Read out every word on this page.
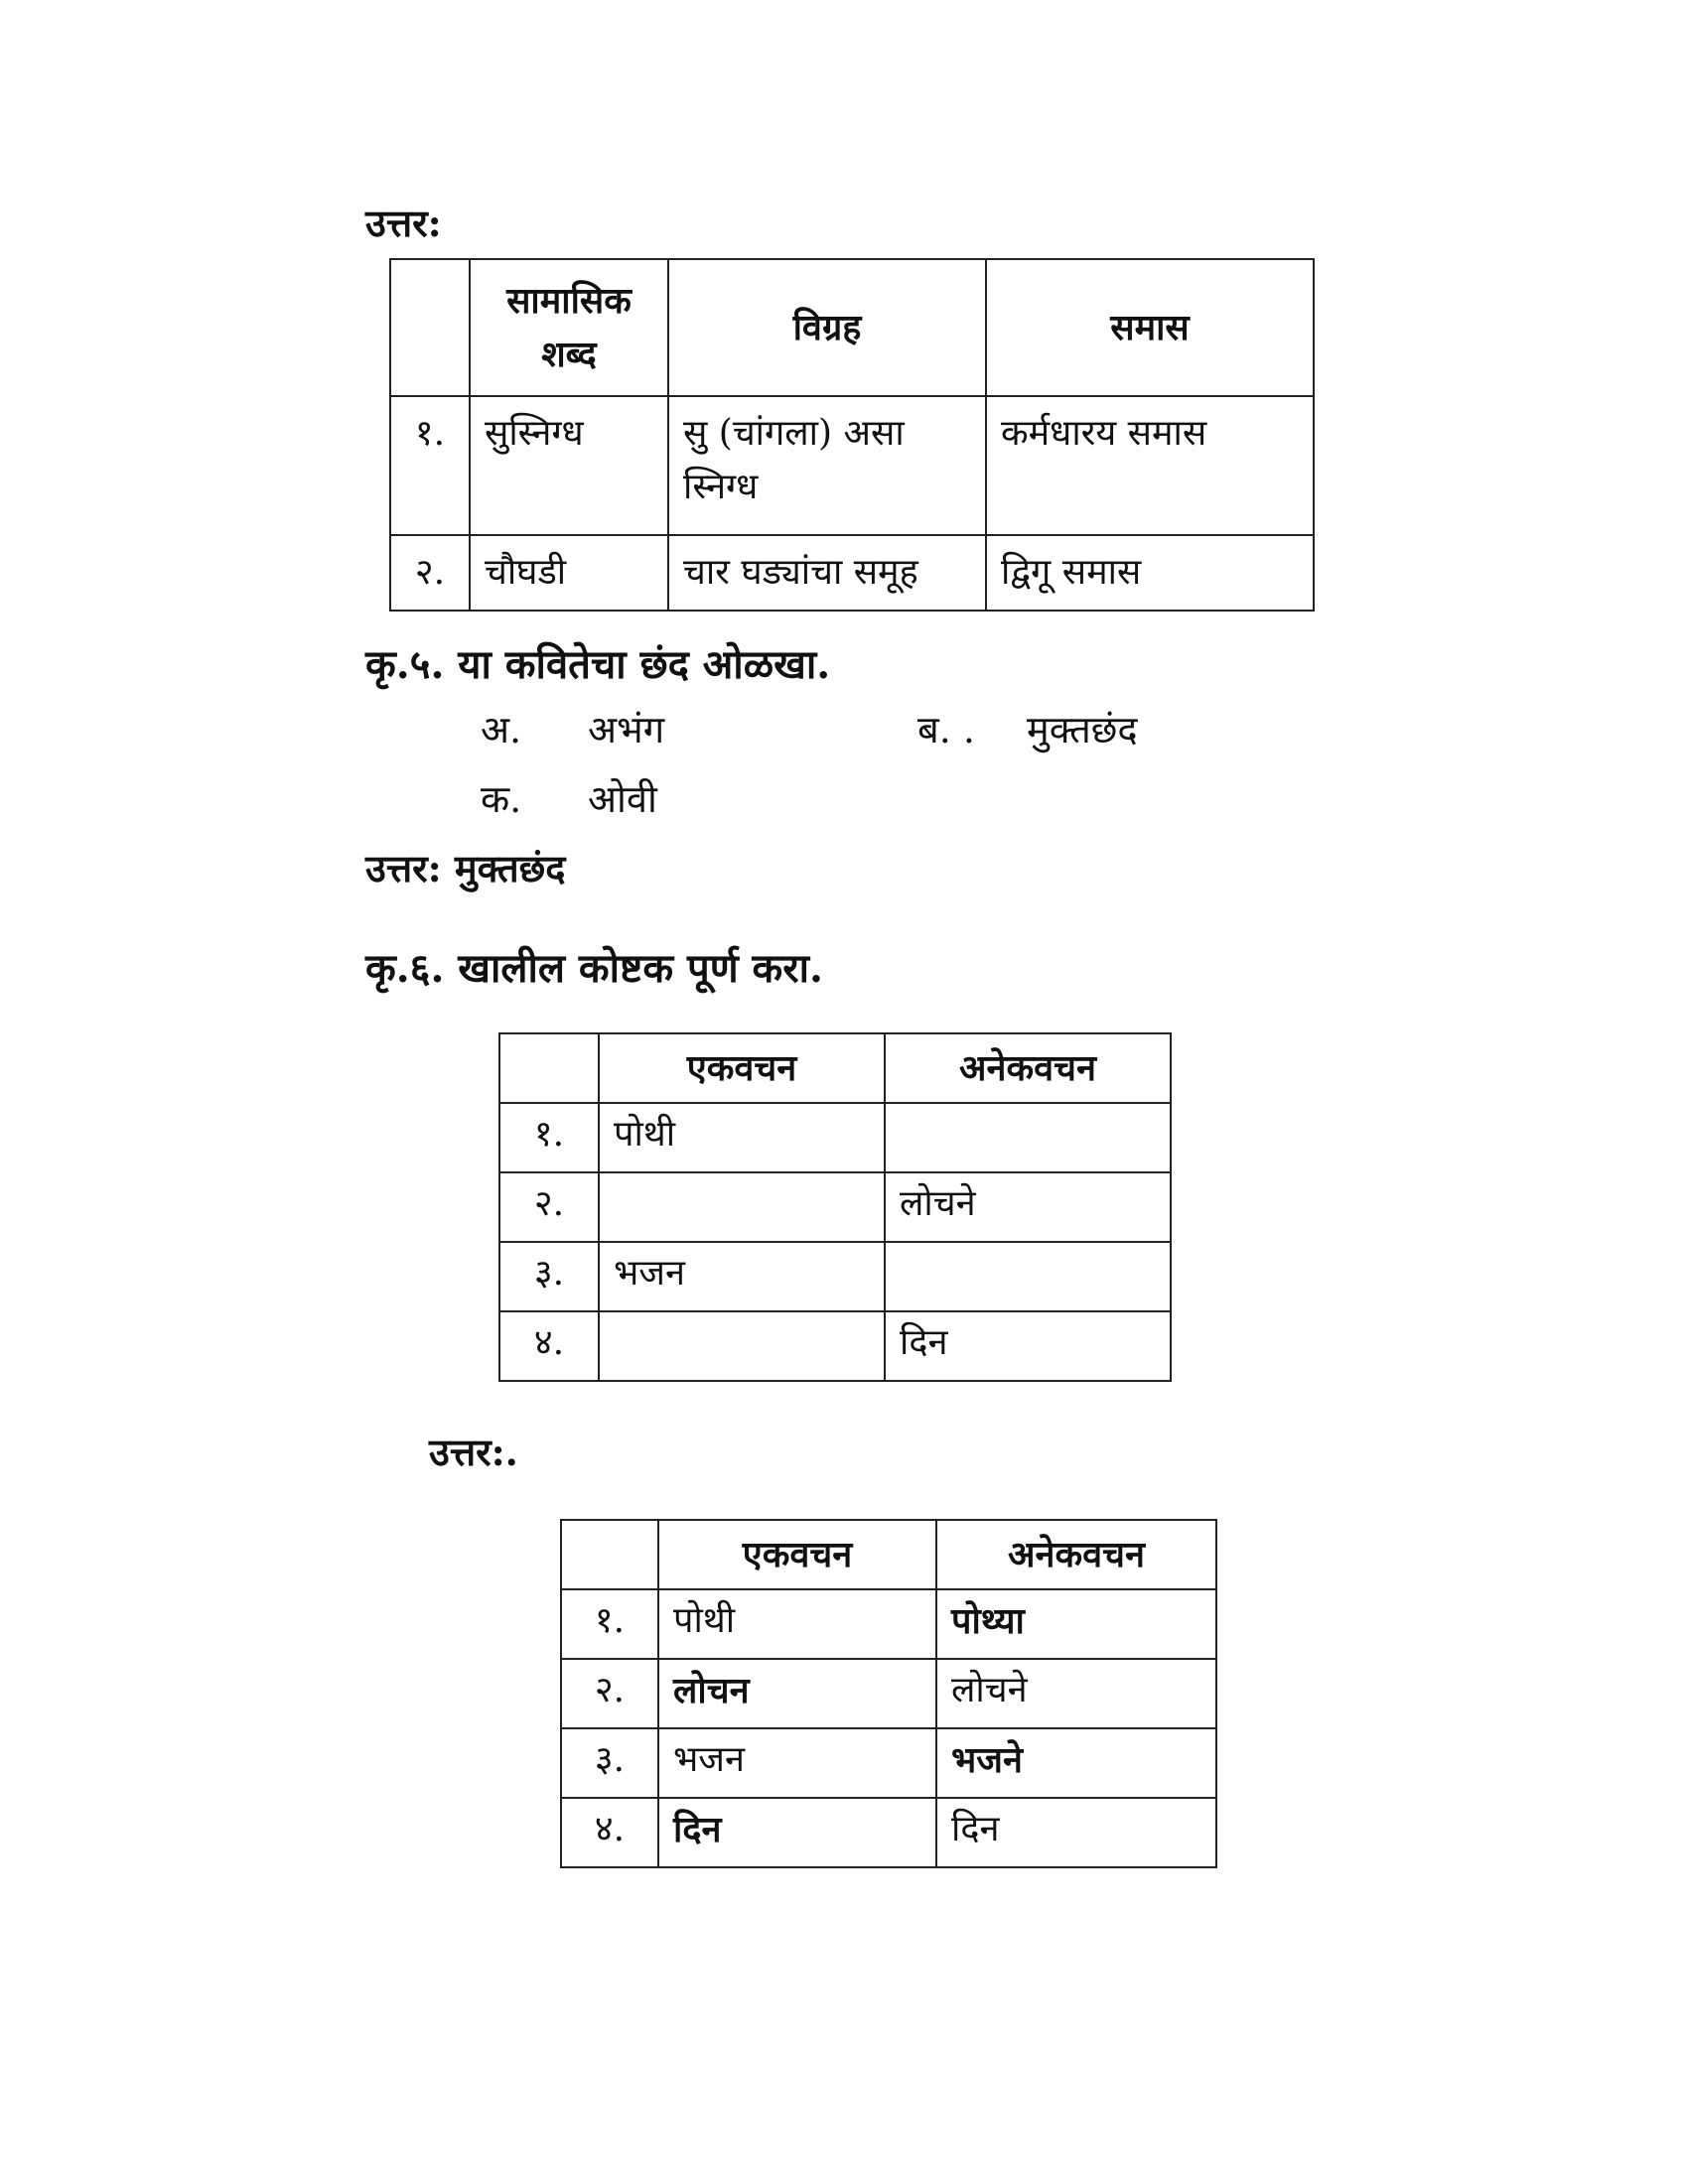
उत्तर:
	सामासिक शब्द	विग्रह	समास
१.	सुस्निग्ध	सु (चांगला) असा स्निग्ध	कर्मधारय समास
२.	चौघडी	चार घड्यांचा समूह	द्विगू समास
कृ.५. या कवितेचा छंद ओळखा.
अ. अभंग	ब. . मुक्तछंद
क. ओवी
उत्तर: मुक्तछंद
कृ.६. खालील कोष्टक पूर्ण करा.
	एकवचन	अनेकवचन
१.	पोथी	
२.		लोचने
३.	भजन	
४.		दिन
उत्तर:.
	एकवचन	अनेकवचन
१.	पोथी	पोथ्या
२.	लोचन	लोचने
३.	भजन	भजने
४.	दिन	दिन
